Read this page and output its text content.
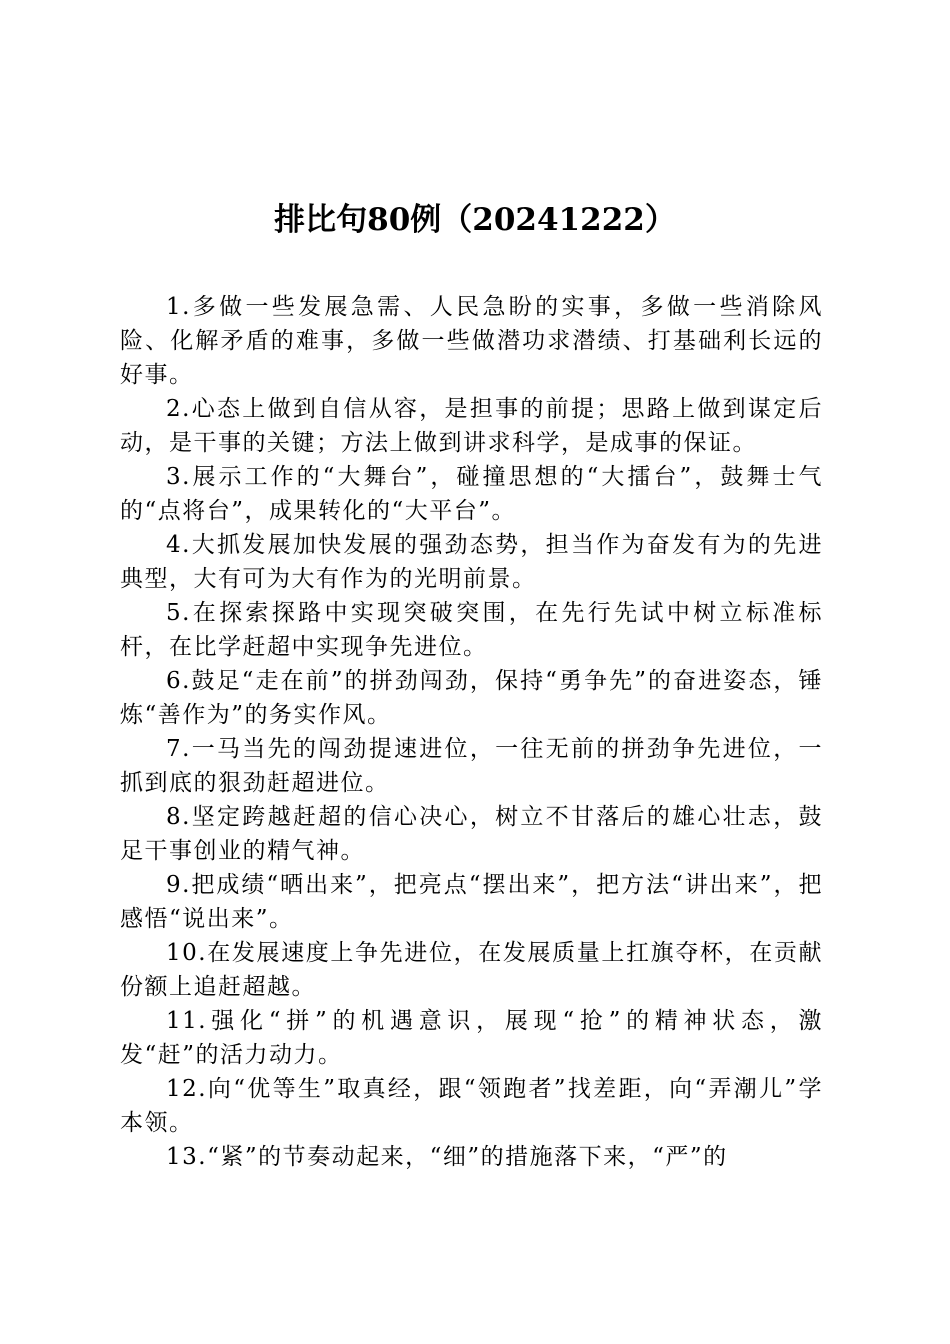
排比句80例（20241222）

1.多做一些发展急需、人民急盼的实事，多做一些消除风险、化解矛盾的难事，多做一些做潜功求潜绩、打基础利长远的好事。

2.心态上做到自信从容，是担事的前提；思路上做到谋定后动，是干事的关键；方法上做到讲求科学，是成事的保证。

3.展示工作的“大舞台”，碰撞思想的“大擂台”，鼓舞士气的“点将台”，成果转化的“大平台”。

4.大抓发展加快发展的强劲态势，担当作为奋发有为的先进典型，大有可为大有作为的光明前景。

5.在探索探路中实现突破突围，在先行先试中树立标准标杆，在比学赶超中实现争先进位。

6.鼓足“走在前”的拼劲闯劲，保持“勇争先”的奋进姿态，锤炼“善作为”的务实作风。

7.一马当先的闯劲提速进位，一往无前的拼劲争先进位，一抓到底的狠劲赶超进位。

8.坚定跨越赶超的信心决心，树立不甘落后的雄心壮志，鼓足干事创业的精气神。

9.把成绩“晒出来”，把亮点“摆出来”，把方法“讲出来”，把感悟“说出来”。

10.在发展速度上争先进位，在发展质量上扛旗夺杯，在贡献份额上追赶超越。

11.强化“拼”的机遇意识，展现“抢”的精神状态，激发“赶”的活力动力。

12.向“优等生”取真经，跟“领跑者”找差距，向“弄潮儿”学本领。

13.“紧”的节奏动起来，“细”的措施落下来，“严”的
